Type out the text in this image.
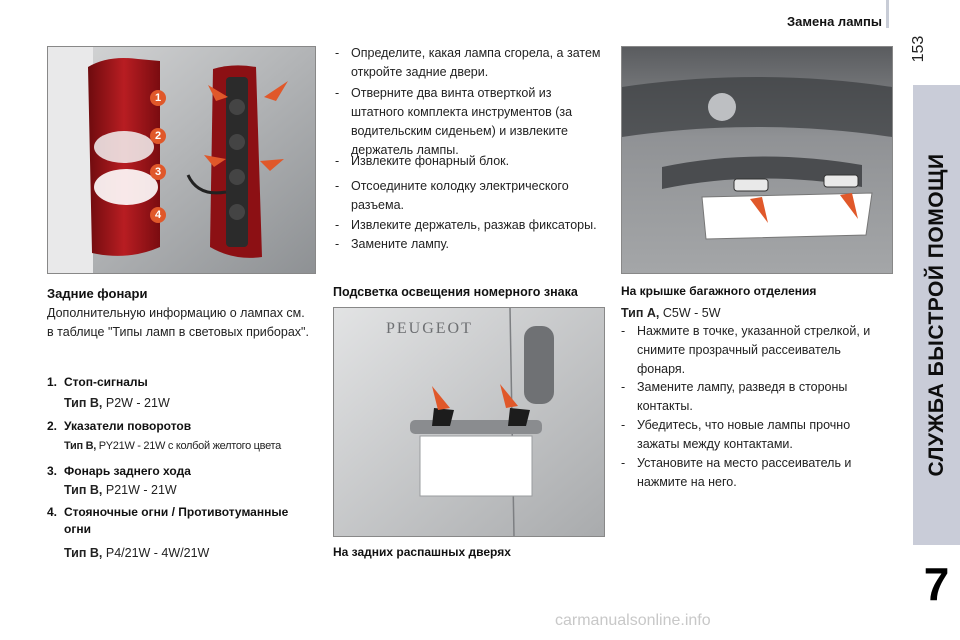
Замена лампы
153
СЛУЖБА БЫСТРОЙ ПОМОЩИ
7
1
2
3
4
Задние фонари
Дополнительную информацию о лампах см. в таблице "Типы ламп в световых приборах".
1. Стоп-сигналы
Тип B, P2W - 21W
2. Указатели поворотов
Тип B, PY21W - 21W с колбой желтого цвета
3. Фонарь заднего хода
Тип B, P21W - 21W
4. Стояночные огни / Противотуманные огни
Тип B, P4/21W - 4W/21W
- Определите, какая лампа сгорела, а затем откройте задние двери.
- Отверните два винта отверткой из штатного комплекта инструментов (за водительским сиденьем) и извлеките держатель лампы.
- Извлеките фонарный блок.
- Отсоедините колодку электрического разъема.
- Извлеките держатель, разжав фиксаторы.
- Замените лампу.
Подсветка освещения номерного знака
PEUGEOT
На задних распашных дверях
На крышке багажного отделения
Тип A, C5W - 5W
- Нажмите в точке, указанной стрелкой, и снимите прозрачный рассеиватель фонаря.
- Замените лампу, разведя в стороны контакты.
- Убедитесь, что новые лампы прочно зажаты между контактами.
- Установите на место рассеиватель и нажмите на него.
carmanualsonline.info
